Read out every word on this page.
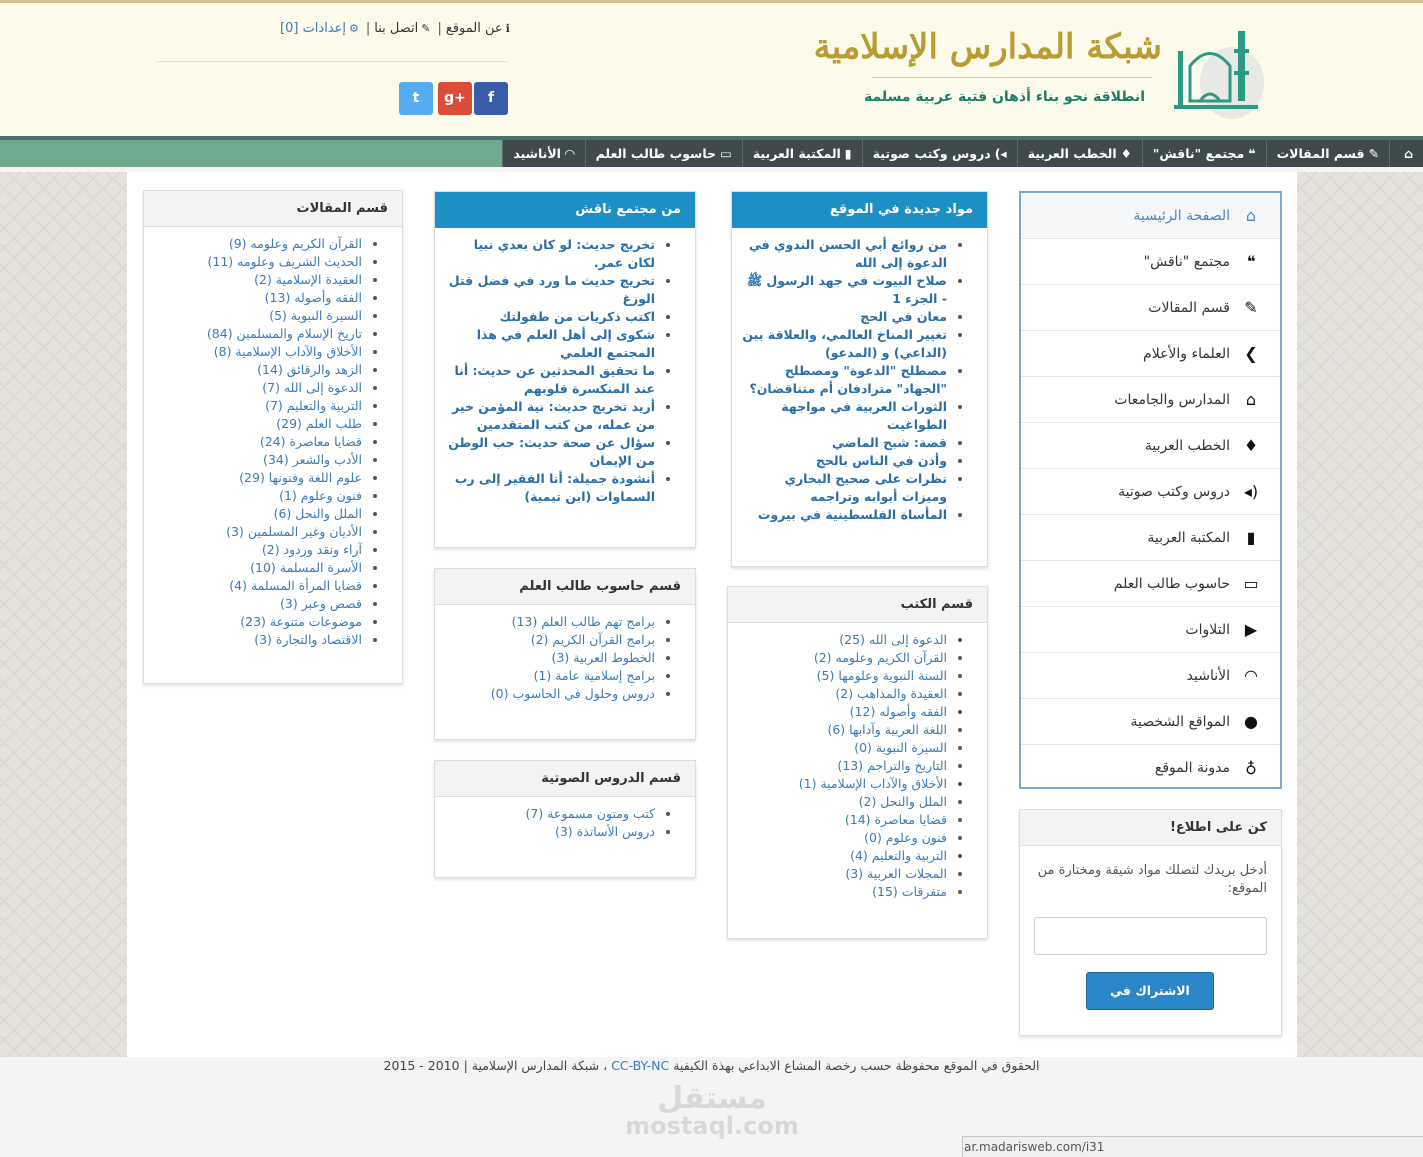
شبكة المدارس الإسلامية
انطلاقة نحو بناء أذهان فتية عربية مسلمة
ℹعن الموقع|✎اتصل بنا|⚙إعدادات [0]
f
g+
t
⌂
✎قسم المقالات
❝مجتمع "ناقش"
♦الخطب العربية
◂)دروس وكتب صوتية
▮المكتبة العربية
▭حاسوب طالب العلم
◠الأناشيد
⌂
الصفحة الرئيسية
❝
مجتمع "ناقش"
✎
قسم المقالات
❮
العلماء والأعلام
⌂
المدارس والجامعات
♦
الخطب العربية
◂)
دروس وكتب صوتية
▮
المكتبة العربية
▭
حاسوب طالب العلم
▶
التلاوات
◠
الأناشيد
●
المواقع الشخصية
♁
مدونة الموقع
كن على اطلاع!
أدخل بريدك لتصلك مواد شيقة ومختارة من الموقع:
الاشتراك في القائمة
مواد جديدة في الموقع
• من روائع أبي الحسن الندوي في الدعوة إلى الله
• صلاح البيوت في جهد الرسول ﷺ - الجزء 1
• معان في الحج
• تغيير المناخ العالمي، والعلاقة بين (الداعي) و (المدعو)
• مصطلح "الدعوة" ومصطلح "الجهاد" مترادفان أم متناقضان؟
• الثورات العربية في مواجهة الطواغيت
• قصة: شبح الماضي
• وأذن في الناس بالحج
• نظرات على صحيح البخاري وميزات أبوابه وتراجمه
• المأساة الفلسطينية في بيروت
قسم الكتب
• الدعوة إلى الله (25)
• القرآن الكريم وعلومه (2)
• السنة النبوية وعلومها (5)
• العقيدة والمذاهب (2)
• الفقه وأصوله (12)
• اللغة العربية وآدابها (6)
• السيرة النبوية (0)
• التاريخ والتراجم (13)
• الأخلاق والآداب الإسلامية (1)
• الملل والنحل (2)
• قضايا معاصرة (14)
• فنون وعلوم (0)
• التربية والتعليم (4)
• المجلات العربية (3)
• متفرقات (15)
من مجتمع ناقش
• تخريج حديث: لو كان بعدي نبيا لكان عمر.
• تخريج حديث ما ورد في فضل قتل الوزغ
• اكتب ذكريات من طفولتك
• شكوى إلى أهل العلم في هذا المجتمع العلمي
• ما تحقيق المحدثين عن حديث: أنا عند المنكسرة قلوبهم
• أريد تخريج حديث: نية المؤمن خير من عمله، من كتب المتقدمين
• سؤال عن صحة حديث: حب الوطن من الإيمان
• أنشودة جميلة: أنا الفقير إلى رب السماوات (ابن تيمية)
قسم حاسوب طالب العلم
• برامج تهم طالب العلم (13)
• برامج القرآن الكريم (2)
• الخطوط العربية (3)
• برامج إسلامية عامة (1)
• دروس وحلول في الحاسوب (0)
قسم الدروس الصوتية
• كتب ومتون مسموعة (7)
• دروس الأساتذة (3)
قسم المقالات
• القرآن الكريم وعلومه (9)
• الحديث الشريف وعلومه (11)
• العقيدة الإسلامية (2)
• الفقه وأصوله (13)
• السيرة النبوية (5)
• تاريخ الإسلام والمسلمين (84)
• الأخلاق والآداب الإسلامية (8)
• الزهد والرقائق (14)
• الدعوة إلى الله (7)
• التربية والتعليم (7)
• طلب العلم (29)
• قضايا معاصرة (24)
• الأدب والشعر (34)
• علوم اللغة وفنونها (29)
• فنون وعلوم (1)
• الملل والنحل (6)
• الأديان وغير المسلمين (3)
• آراء ونقد وردود (2)
• الأسرة المسلمة (10)
• قضايا المرأة المسلمة (4)
• قصص وعبر (3)
• موضوعات متنوعة (23)
• الاقتصاد والتجارة (3)
الحقوق في الموقع محفوظة حسب رخصة المشاع الابداعي بهذة الكيفية CC-BY-NC ، شبكة المدارس الإسلامية | 2010 - 2015
مستقل
mostaql.com
ar.madarisweb.com/i31
